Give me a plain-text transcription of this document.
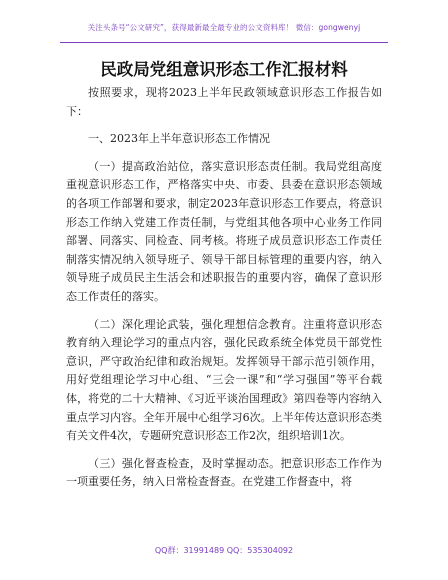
关注头条号“公文研究”，获得最新最全最专业的公文资料库！ 微信：gongwenyj
民政局党组意识形态工作汇报材料

按照要求，现将2023上半年民政领域意识形态工作报告如下：

一、2023年上半年意识形态工作情况

（一）提高政治站位，落实意识形态责任制。我局党组高度重视意识形态工作，严格落实中央、市委、县委在意识形态领域的各项工作部署和要求，制定2023年意识形态工作要点，将意识形态工作纳入党建工作责任制，与党组其他各项中心业务工作同部署、同落实、同检查、同考核。将班子成员意识形态工作责任制落实情况纳入领导班子、领导干部目标管理的重要内容，纳入领导班子成员民主生活会和述职报告的重要内容，确保了意识形态工作责任的落实。

（二）深化理论武装，强化理想信念教育。注重将意识形态教育纳入理论学习的重点内容，强化民政系统全体党员干部党性意识，严守政治纪律和政治规矩。发挥领导干部示范引领作用，用好党组理论学习中心组、“三会一课”和“学习强国”等平台载体，将党的二十大精神、《习近平谈治国理政》第四卷等内容纳入重点学习内容。全年开展中心组学习6次。上半年传达意识形态类有关文件4次，专题研究意识形态工作2次，组织培训1次。

（三）强化督查检查，及时掌握动态。把意识形态工作作为一项重要任务，纳入日常检查督查。在党建工作督查中，将

QQ群：31991489 QQ：535304092
